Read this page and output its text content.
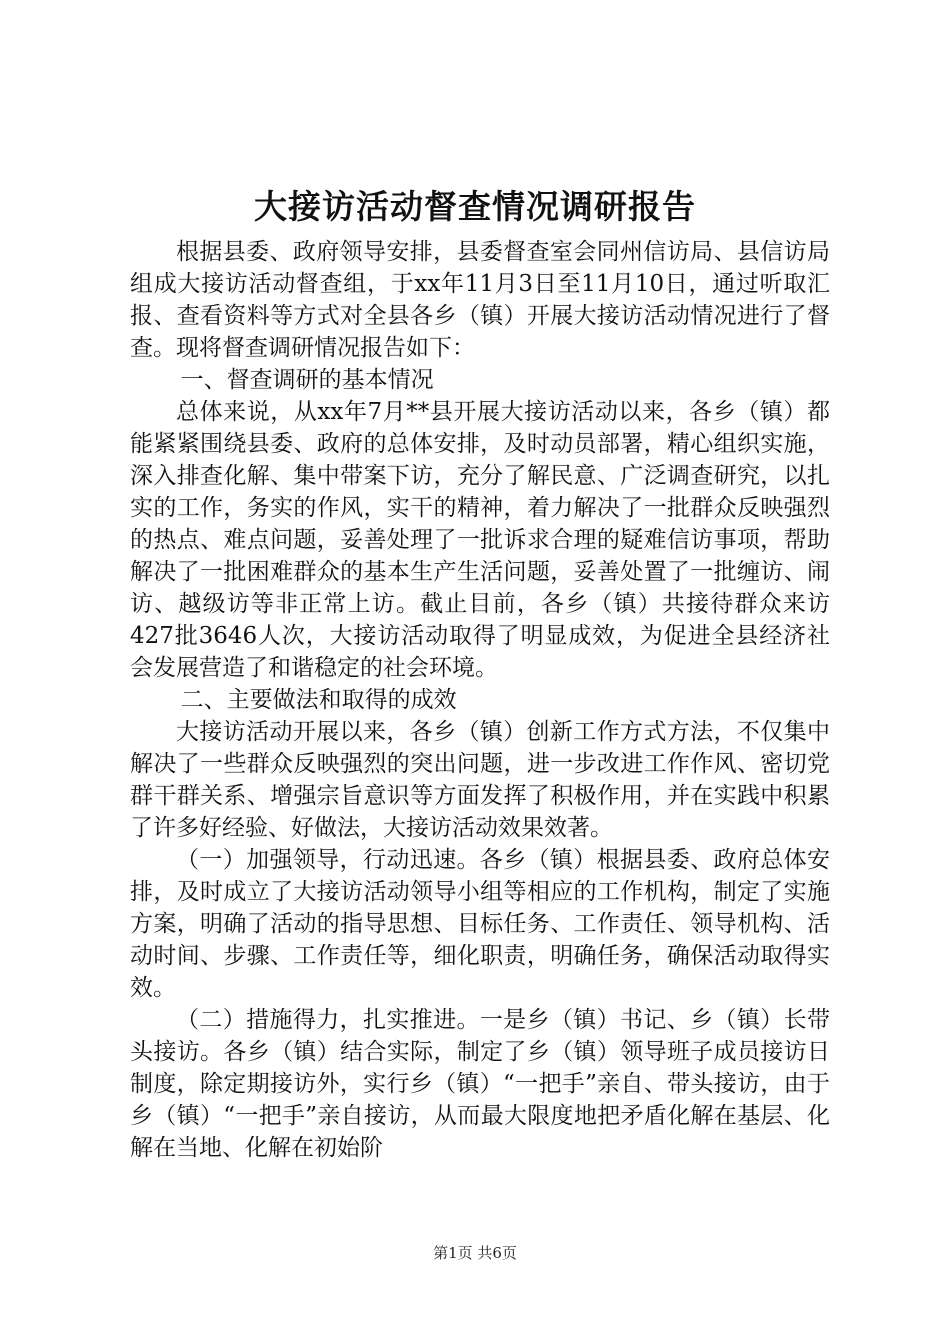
大接访活动督查情况调研报告

根据县委、政府领导安排，县委督查室会同州信访局、县信访局组成大接访活动督查组，于xx年11月3日至11月10日，通过听取汇报、查看资料等方式对全县各乡（镇）开展大接访活动情况进行了督查。现将督查调研情况报告如下：

一、督查调研的基本情况

总体来说，从xx年7月**县开展大接访活动以来，各乡（镇）都能紧紧围绕县委、政府的总体安排，及时动员部署，精心组织实施，深入排查化解、集中带案下访，充分了解民意、广泛调查研究，以扎实的工作，务实的作风，实干的精神，着力解决了一批群众反映强烈的热点、难点问题，妥善处理了一批诉求合理的疑难信访事项，帮助解决了一批困难群众的基本生产生活问题，妥善处置了一批缠访、闹访、越级访等非正常上访。截止目前，各乡（镇）共接待群众来访427批3646人次，大接访活动取得了明显成效，为促进全县经济社会发展营造了和谐稳定的社会环境。

二、主要做法和取得的成效

大接访活动开展以来，各乡（镇）创新工作方式方法，不仅集中解决了一些群众反映强烈的突出问题，进一步改进工作作风、密切党群干群关系、增强宗旨意识等方面发挥了积极作用，并在实践中积累了许多好经验、好做法，大接访活动效果效著。

（一）加强领导，行动迅速。各乡（镇）根据县委、政府总体安排，及时成立了大接访活动领导小组等相应的工作机构，制定了实施方案，明确了活动的指导思想、目标任务、工作责任、领导机构、活动时间、步骤、工作责任等，细化职责，明确任务，确保活动取得实效。

（二）措施得力，扎实推进。一是乡（镇）书记、乡（镇）长带头接访。各乡（镇）结合实际，制定了乡（镇）领导班子成员接访日制度，除定期接访外，实行乡（镇）“一把手”亲自、带头接访，由于乡（镇）“一把手”亲自接访，从而最大限度地把矛盾化解在基层、化解在当地、化解在初始阶

第1页 共6页
